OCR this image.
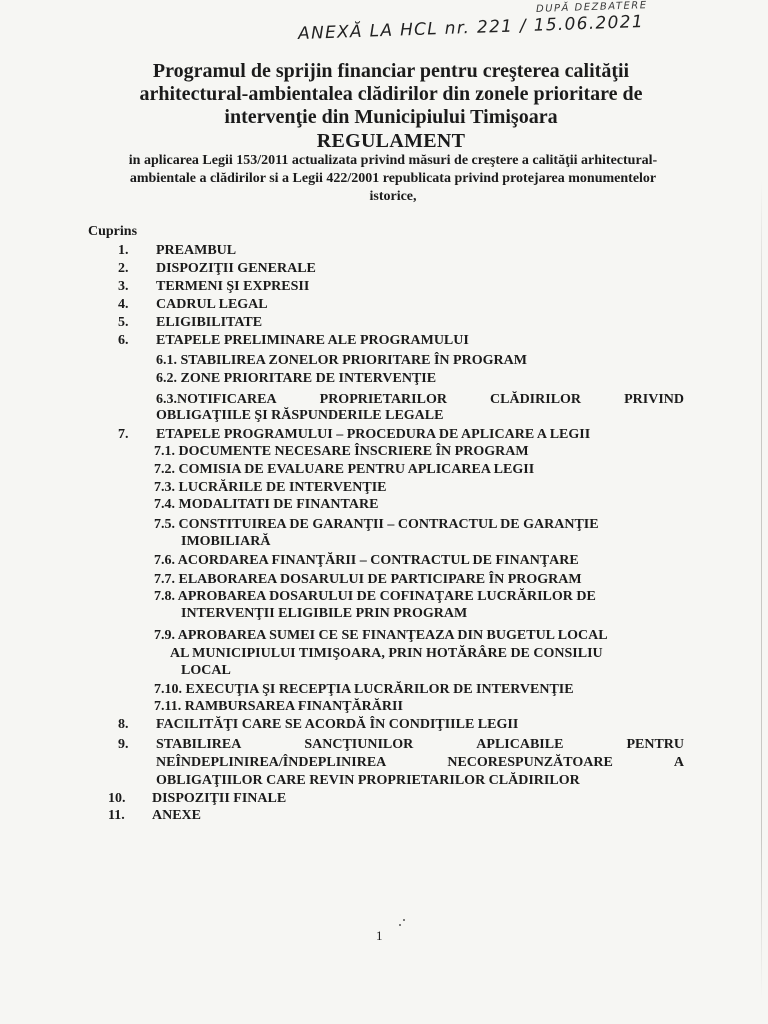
DUPĂ DEZBATERE
ANEXĂ LA HCL nr. 221 / 15.06.2021
Programul de sprijin financiar pentru creşterea calităţii
arhitectural-ambientalea clădirilor din zonele prioritare de
intervenţie din Municipiului Timişoara
REGULAMENT
in aplicarea Legii 153/2011 actualizata privind măsuri de creştere a calităţii arhitectural-
ambientale a clădirilor si a Legii 422/2001 republicata privind protejarea monumentelor
istorice,
Cuprins
1. PREAMBUL
2. DISPOZIŢII GENERALE
3. TERMENI ŞI EXPRESII
4. CADRUL LEGAL
5. ELIGIBILITATE
6. ETAPELE PRELIMINARE ALE PROGRAMULUI
6.1. STABILIREA ZONELOR PRIORITARE ÎN PROGRAM
6.2. ZONE PRIORITARE DE INTERVENŢIE
6.3.NOTIFICAREA	PROPRIETARILOR	CLĂDIRILOR	PRIVIND
OBLIGAŢIILE ŞI RĂSPUNDERILE LEGALE
7. ETAPELE PROGRAMULUI – PROCEDURA DE APLICARE A LEGII
7.1. DOCUMENTE NECESARE ÎNSCRIERE ÎN PROGRAM
7.2. COMISIA DE EVALUARE PENTRU APLICAREA LEGII
7.3. LUCRĂRILE DE INTERVENŢIE
7.4. MODALITATI DE FINANTARE
7.5. CONSTITUIREA DE GARANŢII – CONTRACTUL DE GARANŢIE
IMOBILIARĂ
7.6. ACORDAREA FINANŢĂRII – CONTRACTUL DE FINANŢARE
7.7. ELABORAREA DOSARULUI DE PARTICIPARE ÎN PROGRAM
7.8. APROBAREA DOSARULUI DE COFINAŢARE LUCRĂRILOR DE
INTERVENŢII ELIGIBILE PRIN PROGRAM
7.9. APROBAREA SUMEI CE SE FINANŢEAZA DIN BUGETUL LOCAL
AL MUNICIPIULUI TIMIŞOARA, PRIN HOTĂRÂRE DE CONSILIU
LOCAL
7.10. EXECUŢIA ŞI RECEPŢIA LUCRĂRILOR DE INTERVENŢIE
7.11. RAMBURSAREA FINANŢĂRĂRII
8. FACILITĂŢI CARE SE ACORDĂ ÎN CONDIŢIILE LEGII
9. STABILIREA	SANCŢIUNILOR	APLICABILE	PENTRU
NEÎNDEPLINIREA/ÎNDEPLINIREA	NECORESPUNZĂTOARE	A
OBLIGAŢIILOR CARE REVIN PROPRIETARILOR CLĂDIRILOR
10. DISPOZIŢII FINALE
11. ANEXE
1
